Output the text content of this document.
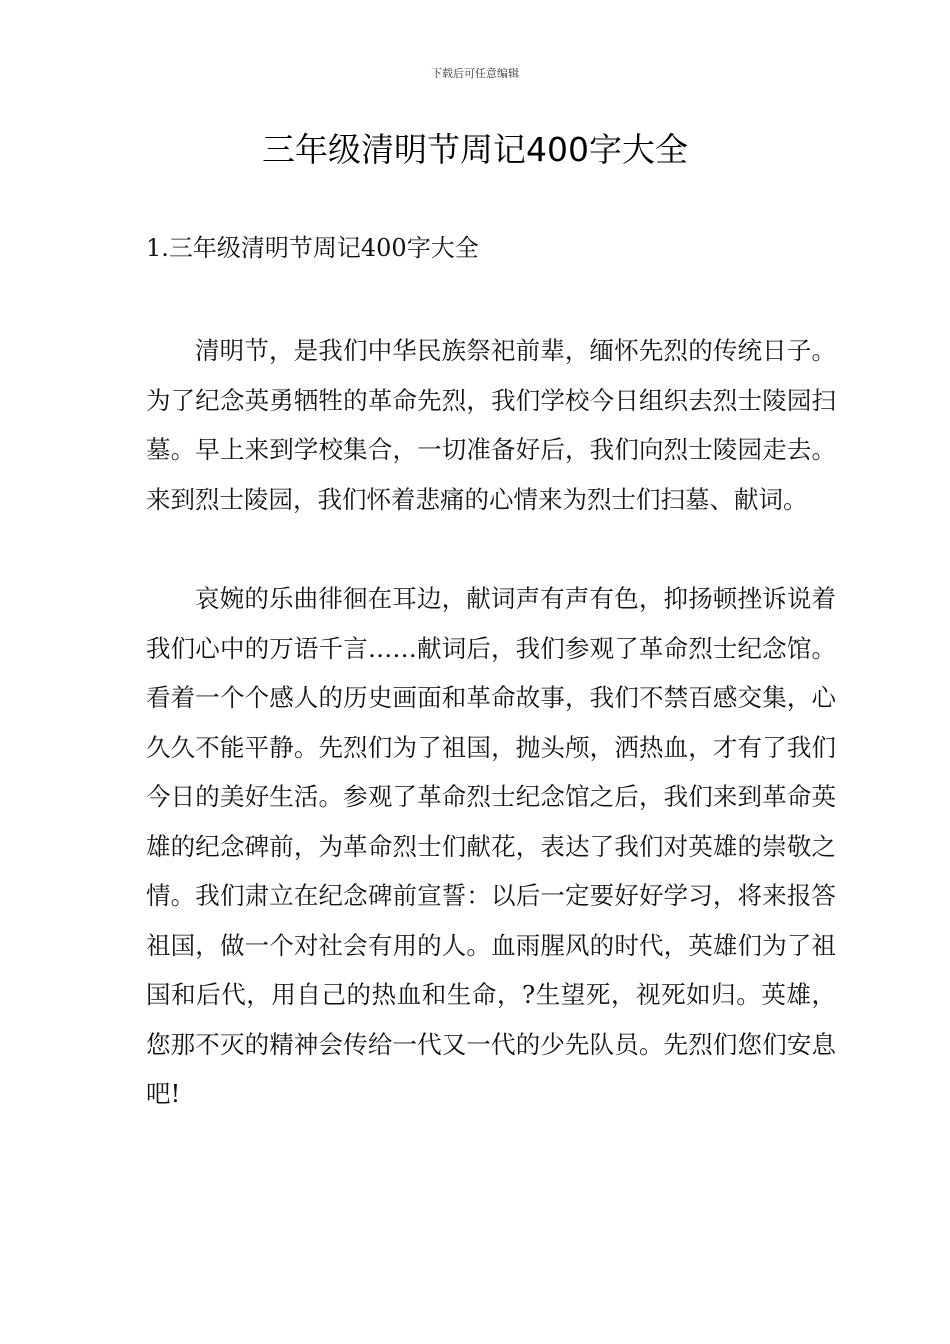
下载后可任意编辑
三年级清明节周记400字大全
1.三年级清明节周记400字大全

清明节，是我们中华民族祭祀前辈，缅怀先烈的传统日子。为了纪念英勇牺牲的革命先烈，我们学校今日组织去烈士陵园扫墓。早上来到学校集合，一切准备好后，我们向烈士陵园走去。来到烈士陵园，我们怀着悲痛的心情来为烈士们扫墓、献词。

哀婉的乐曲徘徊在耳边，献词声有声有色，抑扬顿挫诉说着我们心中的万语千言……献词后，我们参观了革命烈士纪念馆。看着一个个感人的历史画面和革命故事，我们不禁百感交集，心久久不能平静。先烈们为了祖国，抛头颅，洒热血，才有了我们今日的美好生活。参观了革命烈士纪念馆之后，我们来到革命英雄的纪念碑前，为革命烈士们献花，表达了我们对英雄的崇敬之情。我们肃立在纪念碑前宣誓：以后一定要好好学习，将来报答祖国，做一个对社会有用的人。血雨腥风的时代，英雄们为了祖国和后代，用自己的热血和生命，?生望死，视死如归。英雄，您那不灭的精神会传给一代又一代的少先队员。先烈们您们安息吧!
